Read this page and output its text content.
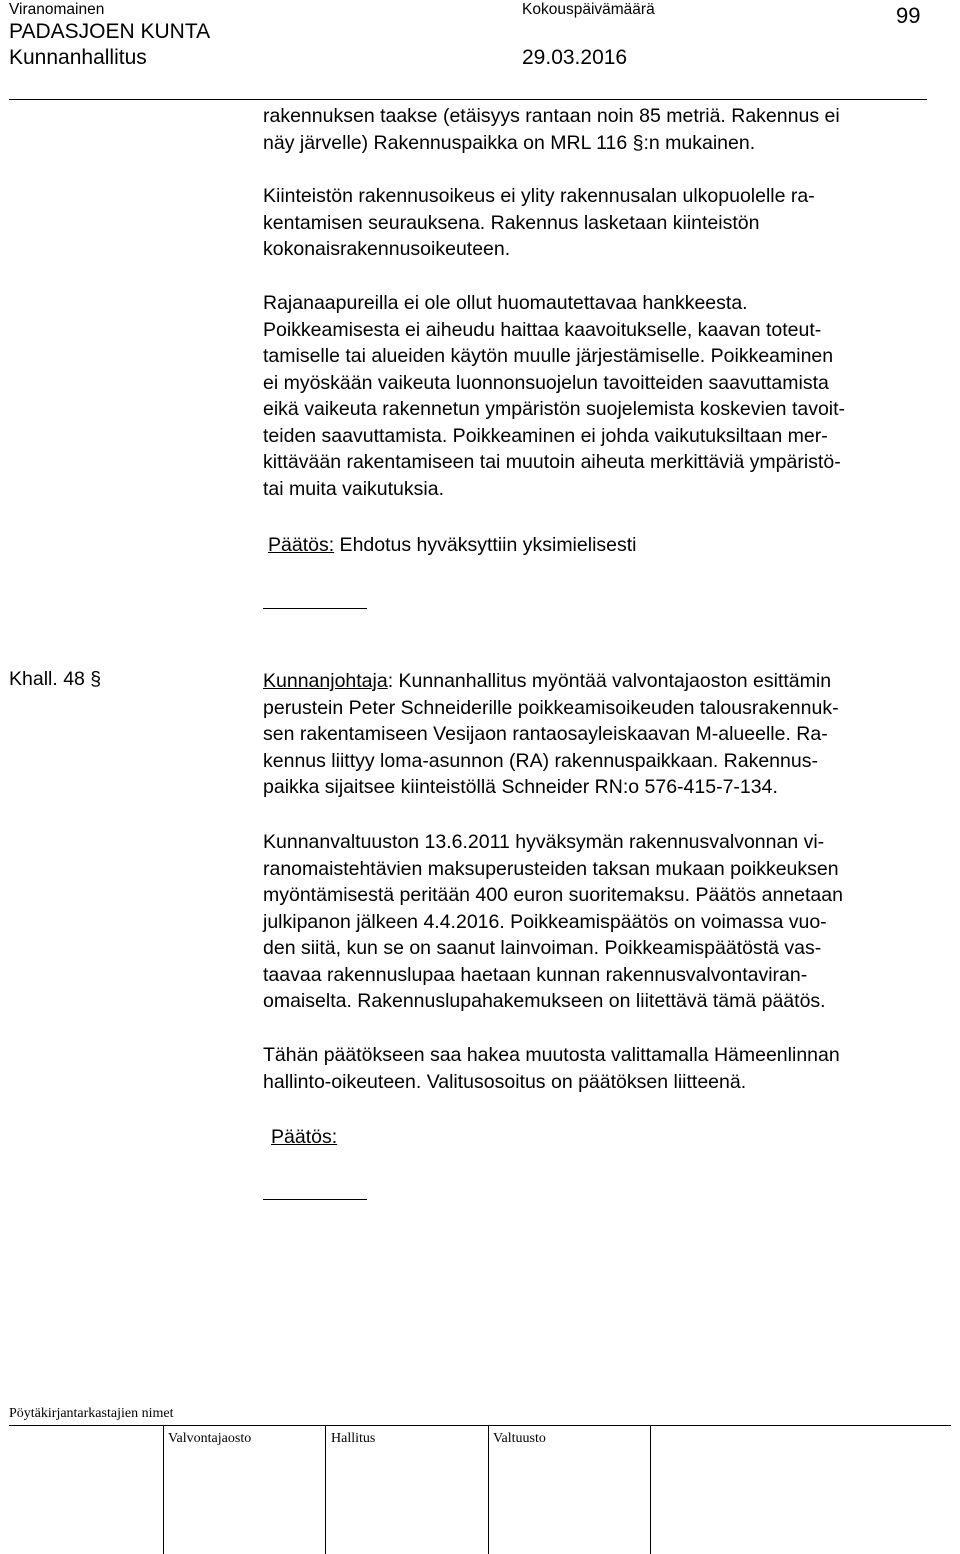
Viranomainen	Kokouspäivämäärä	99
PADASJOEN KUNTA
Kunnanhallitus	29.03.2016
rakennuksen taakse (etäisyys rantaan noin 85 metriä. Rakennus ei
näy järvelle) Rakennuspaikka on MRL 116 §:n mukainen.
Kiinteistön rakennusoikeus ei ylity rakennusalan ulkopuolelle ra-
kentamisen seurauksena. Rakennus lasketaan kiinteistön
kokonaisrakennusoikeuteen.
Rajanaapureilla ei ole ollut huomautettavaa hankkeesta.
Poikkeamisesta ei aiheudu haittaa kaavoitukselle, kaavan toteut-
tamiselle tai alueiden käytön muulle järjestämiselle. Poikkeaminen
ei myöskään vaikeuta luonnonsuojelun tavoitteiden saavuttamista
eikä vaikeuta rakennetun ympäristön suojelemista koskevien tavoit-
teiden saavuttamista. Poikkeaminen ei johda vaikutuksiltaan mer-
kittävään rakentamiseen tai muutoin aiheuta merkittäviä ympäristö-
tai muita vaikutuksia.
Päätös: Ehdotus hyväksyttiin yksimielisesti
Khall. 48 §	Kunnanjohtaja: Kunnanhallitus myöntää valvontajaoston esittämin
perustein Peter Schneiderille poikkeamisoikeuden talousrakennuk-
sen rakentamiseen Vesijaon rantaosayleiskaavan M-alueelle. Ra-
kennus liittyy loma-asunnon (RA) rakennuspaikkaan. Rakennus-
paikka sijaitsee kiinteistöllä Schneider RN:o 576-415-7-134.
Kunnanvaltuuston 13.6.2011 hyväksymän rakennusvalvonnan vi-
ranomaistehtävien maksuperusteiden taksan mukaan poikkeuksen
myöntämisestä peritään 400 euron suoritemaksu. Päätös annetaan
julkipanon jälkeen 4.4.2016. Poikkeamispäätös on voimassa vuo-
den siitä, kun se on saanut lainvoiman. Poikkeamispäätöstä vas-
taavaa rakennuslupaa haetaan kunnan rakennusvalvontaviran-
omaiselta. Rakennuslupahakemukseen on liitettävä tämä päätös.
Tähän päätökseen saa hakea muutosta valittamalla Hämeenlinnan
hallinto-oikeuteen. Valitusosoitus on päätöksen liitteenä.
Päätös:
Pöytäkirjantarkastajien nimet
Valvontajaosto	Hallitus	Valtuusto
